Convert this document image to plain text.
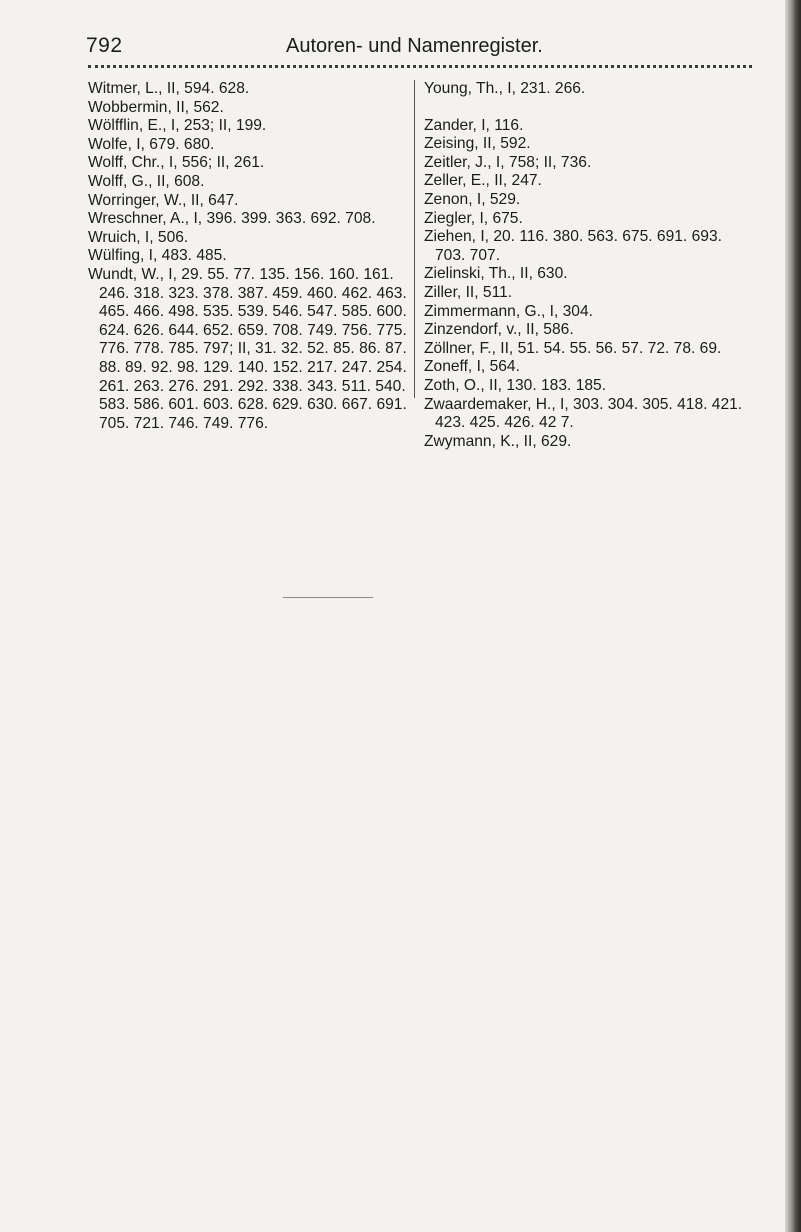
792	Autoren- und Namenregister.

Witmer, L., II, 594. 628.

Wobbermin, II, 562.

Wölfflin, E., I, 253; II, 199.

Wolfe, I, 679. 680.

Wolff, Chr., I, 556; II, 261.

Wolff, G., II, 608.

Worringer, W., II, 647.

Wreschner, A., I, 396. 399. 363. 692. 708.

Wruich, I, 506.

Wülfing, I, 483. 485.

Wundt, W., I, 29. 55. 77. 135. 156. 160. 161. 246. 318. 323. 378. 387. 459. 460. 462. 463. 465. 466. 498. 535. 539. 546. 547. 585. 600. 624. 626. 644. 652. 659. 708. 749. 756. 775. 776. 778. 785. 797; II, 31. 32. 52. 85. 86. 87. 88. 89. 92. 98. 129. 140. 152. 217. 247. 254. 261. 263. 276. 291. 292. 338. 343. 511. 540. 583. 586. 601. 603. 628. 629. 630. 667. 691. 705. 721. 746. 749. 776.

Young, Th., I, 231. 266.

Zander, I, 116.

Zeising, II, 592.

Zeitler, J., I, 758; II, 736.

Zeller, E., II, 247.

Zenon, I, 529.

Ziegler, I, 675.

Ziehen, I, 20. 116. 380. 563. 675. 691. 693. 703. 707.

Zielinski, Th., II, 630.

Ziller, II, 511.

Zimmermann, G., I, 304.

Zinzendorf, v., II, 586.

Zöllner, F., II, 51. 54. 55. 56. 57. 72. 78. 69.

Zoneff, I, 564.

Zoth, O., II, 130. 183. 185.

Zwaardemaker, H., I, 303. 304. 305. 418. 421. 423. 425. 426. 42 7.

Zwymann, K., II, 629.
